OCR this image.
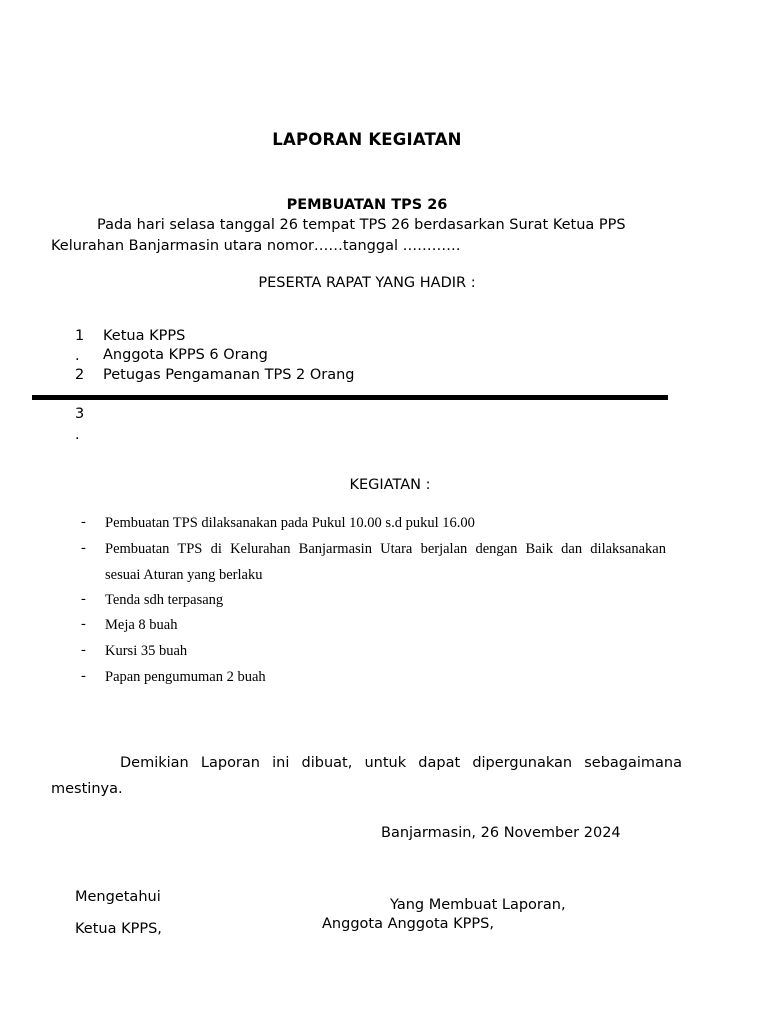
LAPORAN KEGIATAN
PEMBUATAN TPS 26
Pada hari selasa tanggal 26 tempat TPS 26 berdasarkan Surat Ketua PPS
Kelurahan Banjarmasin utara nomor……tanggal …………
PESERTA RAPAT YANG HADIR :
1
.
2
3
.
Ketua KPPS
Anggota KPPS 6 Orang
Petugas Pengamanan TPS 2 Orang
KEGIATAN :
- Pembuatan TPS dilaksanakan pada Pukul 10.00 s.d pukul 16.00
- Pembuatan TPS di Kelurahan Banjarmasin Utara berjalan dengan Baik dan dilaksanakan
sesuai Aturan yang berlaku
- Tenda sdh terpasang
- Meja 8 buah
- Kursi 35 buah
- Papan pengumuman 2 buah
Demikian Laporan ini dibuat, untuk dapat dipergunakan sebagaimana
mestinya.
Banjarmasin, 26 November 2024
Mengetahui
Ketua KPPS,
Yang Membuat Laporan,
Anggota Anggota KPPS,
